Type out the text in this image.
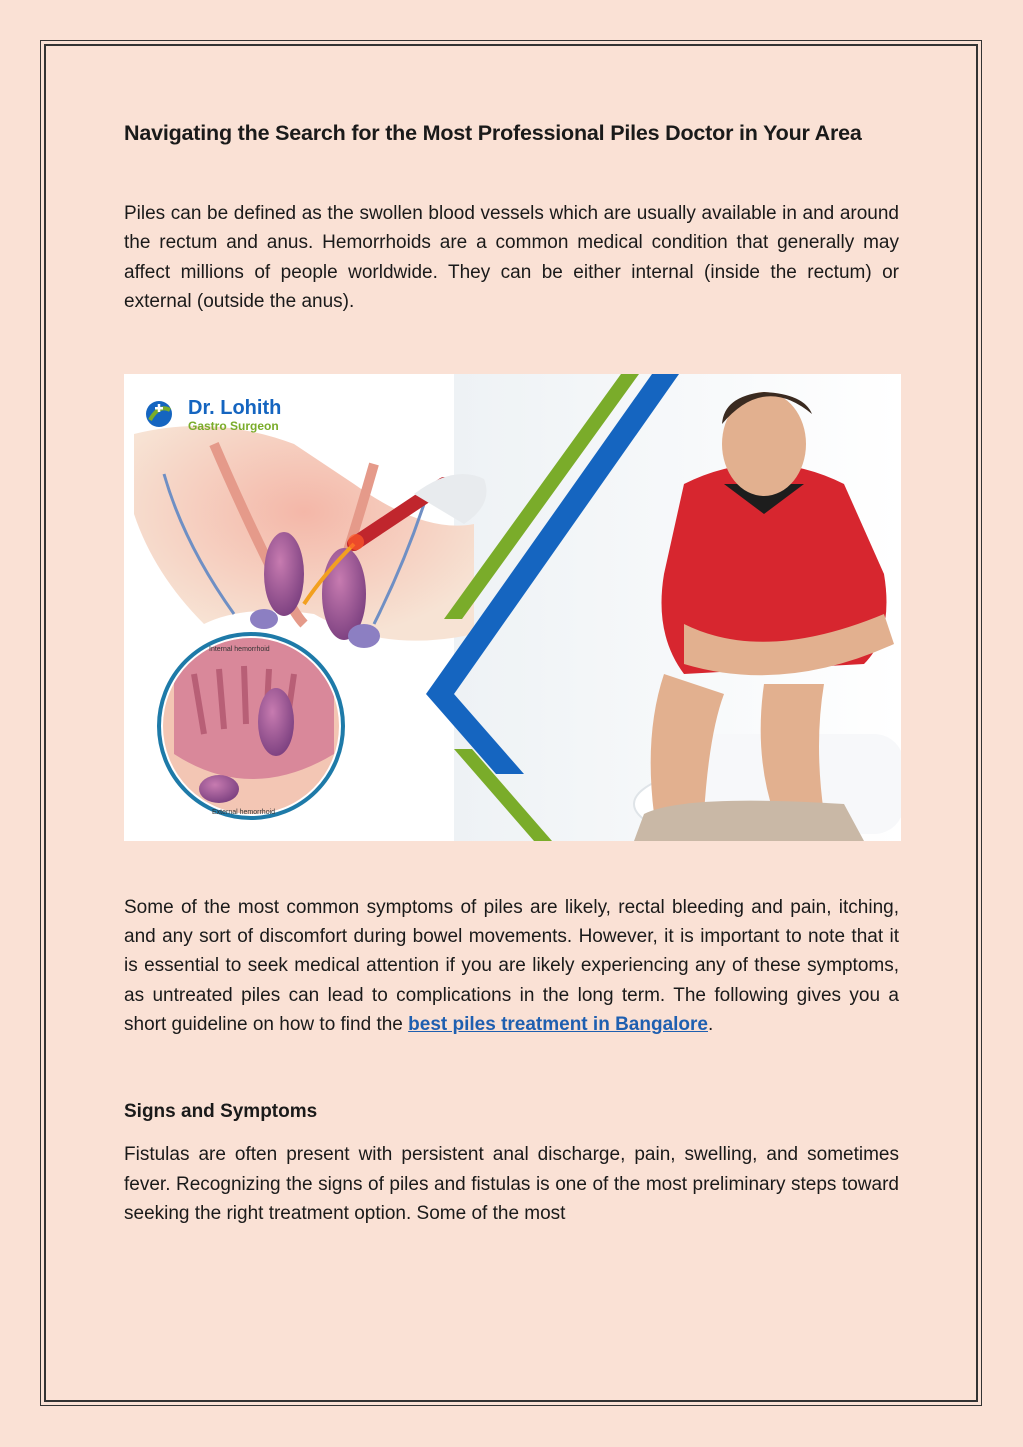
Navigating the Search for the Most Professional Piles Doctor in Your Area

Piles can be defined as the swollen blood vessels which are usually available in and around the rectum and anus. Hemorrhoids are a common medical condition that generally may affect millions of people worldwide. They can be either internal (inside the rectum) or external (outside the anus).

Internal hemorrhoid
External hemorrhoid
Dr. Lohith
Gastro Surgeon

Some of the most common symptoms of piles are likely, rectal bleeding and pain, itching, and any sort of discomfort during bowel movements. However, it is important to note that it is essential to seek medical attention if you are likely experiencing any of these symptoms, as untreated piles can lead to complications in the long term. The following gives you a short guideline on how to find the best piles treatment in Bangalore.

Signs and Symptoms

Fistulas are often present with persistent anal discharge, pain, swelling, and sometimes fever. Recognizing the signs of piles and fistulas is one of the most preliminary steps toward seeking the right treatment option. Some of the most
